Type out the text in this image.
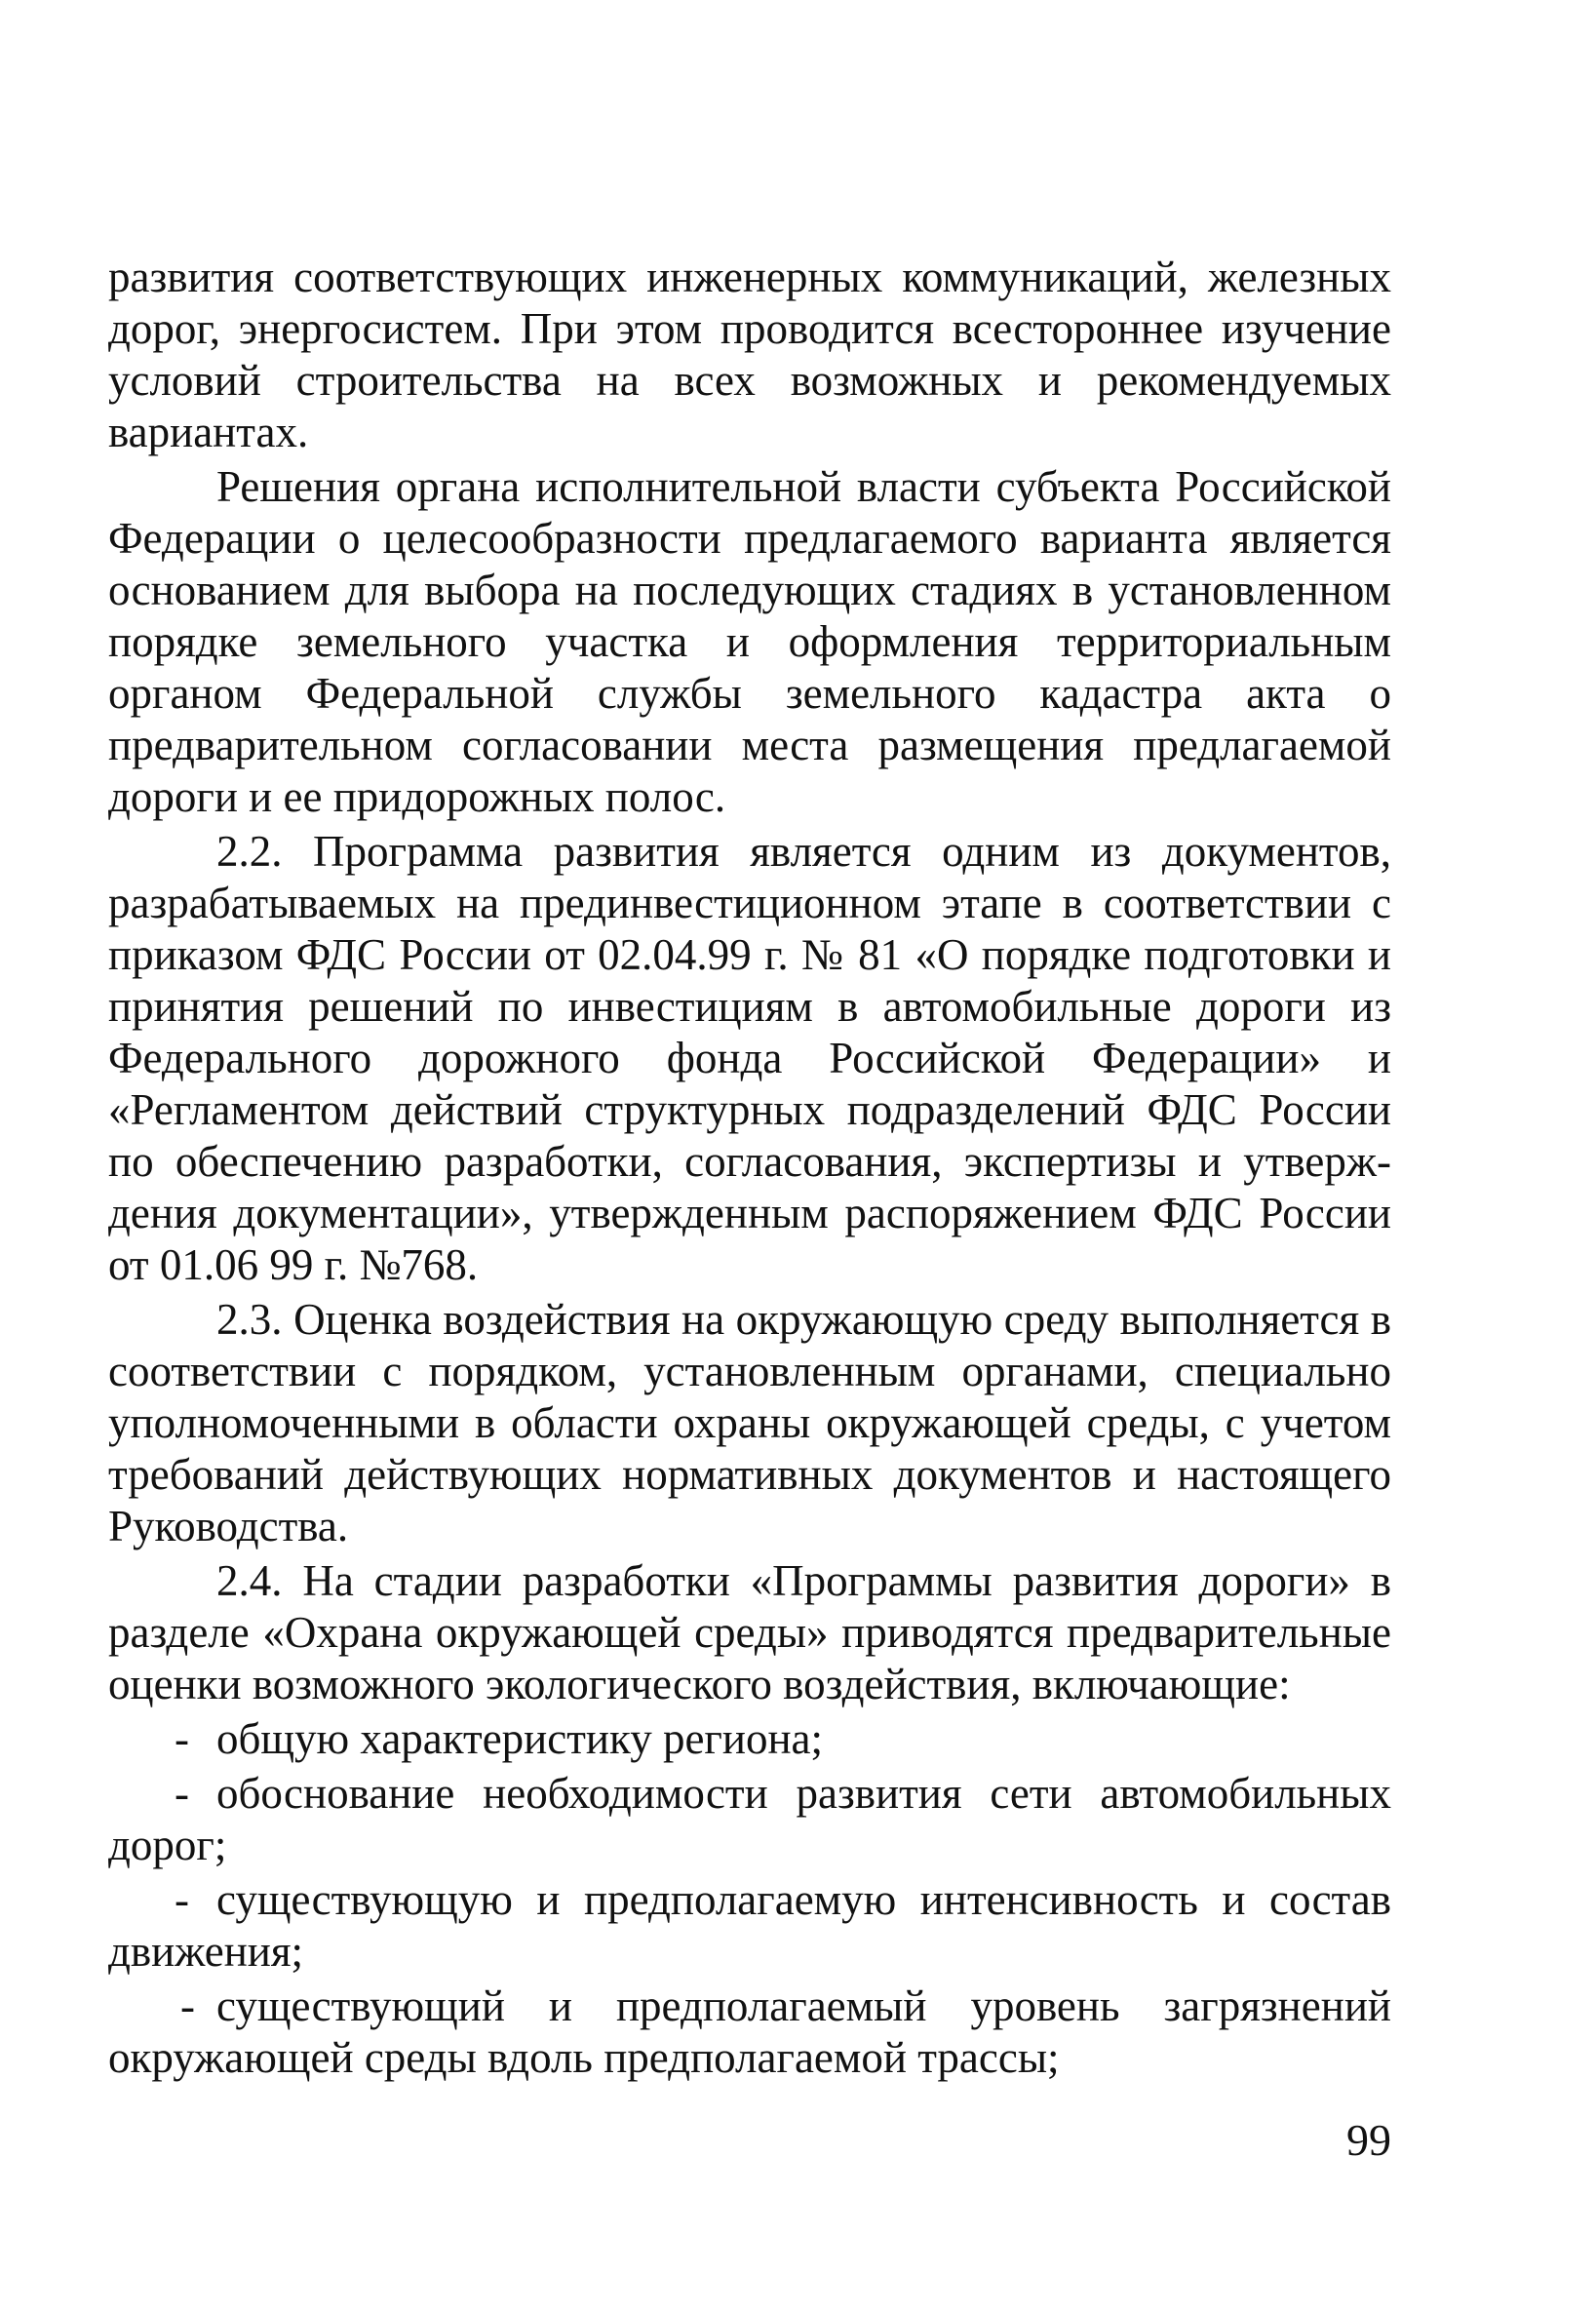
развития соответствующих инженерных коммуникаций, железных дорог, энергосистем. При этом проводится всестороннее изучение условий строительства на всех возможных и рекомендуемых вариантах.

Решения органа исполнительной власти субъекта Российской Федерации о целесообразности предлагаемого варианта является основанием для выбора на последующих стадиях в установленном порядке земельного участка и оформления территориальным органом Федеральной службы земельного кадастра акта о предварительном согласовании места размещения предлагаемой дороги и ее придорожных полос.

2.2. Программа развития является одним из документов, разрабатываемых на прединвестиционном этапе в соответствии с приказом ФДС России от 02.04.99 г. № 81 «О порядке подготовки и принятия решений по инвестициям в автомобильные дороги из Федерального дорожного фонда Российской Федерации» и «Регламентом действий структурных подразделений ФДС России по обеспечению разработки, согласования, экспертизы и утверждения документации», утвержденным распоряжением ФДС России от 01.06 99 г. №768.

2.3. Оценка воздействия на окружающую среду выполняется в соответствии с порядком, установленным органами, специально уполномоченными в области охраны окружающей среды, с учетом требований действующих нормативных документов и настоящего Руководства.

2.4. На стадии разработки «Программы развития дороги» в разделе «Охрана окружающей среды» приводятся предварительные оценки возможного экологического воздействия, включающие:

- общую характеристику региона;

- обоснование необходимости развития сети автомобильных дорог;

- существующую и предполагаемую интенсивность и состав движения;

- существующий и предполагаемый уровень загрязнений окружающей среды вдоль предполагаемой трассы;

99
